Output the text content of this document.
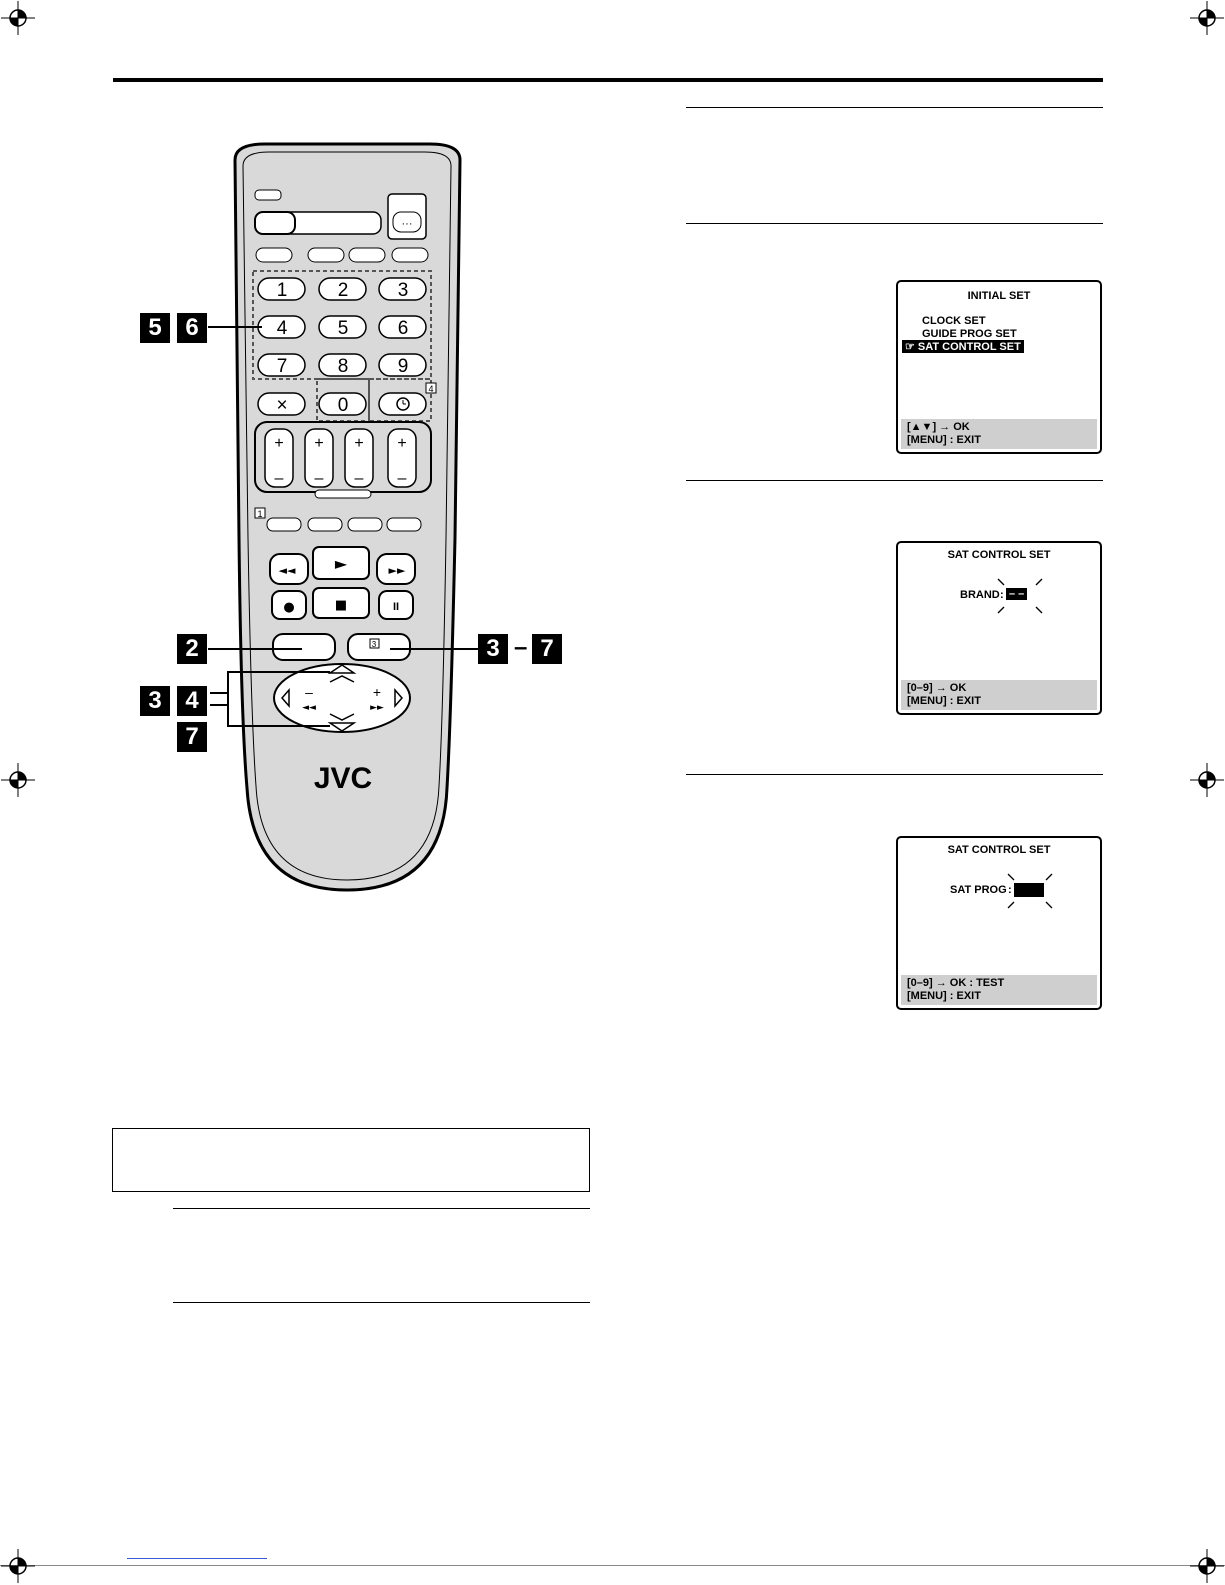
···
1	2	3
4	5	6
7	8	9
×	0
4
+ + + +
– – – –
1
►
◄◄	►►
●	■	II
3
–	+
◄◄	►►
JVC
5 6
2	3 – 7
3 4
7
INITIAL SET
CLOCK SET
GUIDE PROG SET
☞ SAT CONTROL SET
[▲▼] → OK
[MENU] : EXIT
SAT CONTROL SET
BRAND : – –
[0–9] → OK
[MENU] : EXIT
SAT CONTROL SET
SAT PROG :
[0–9] → OK : TEST
[MENU] : EXIT
